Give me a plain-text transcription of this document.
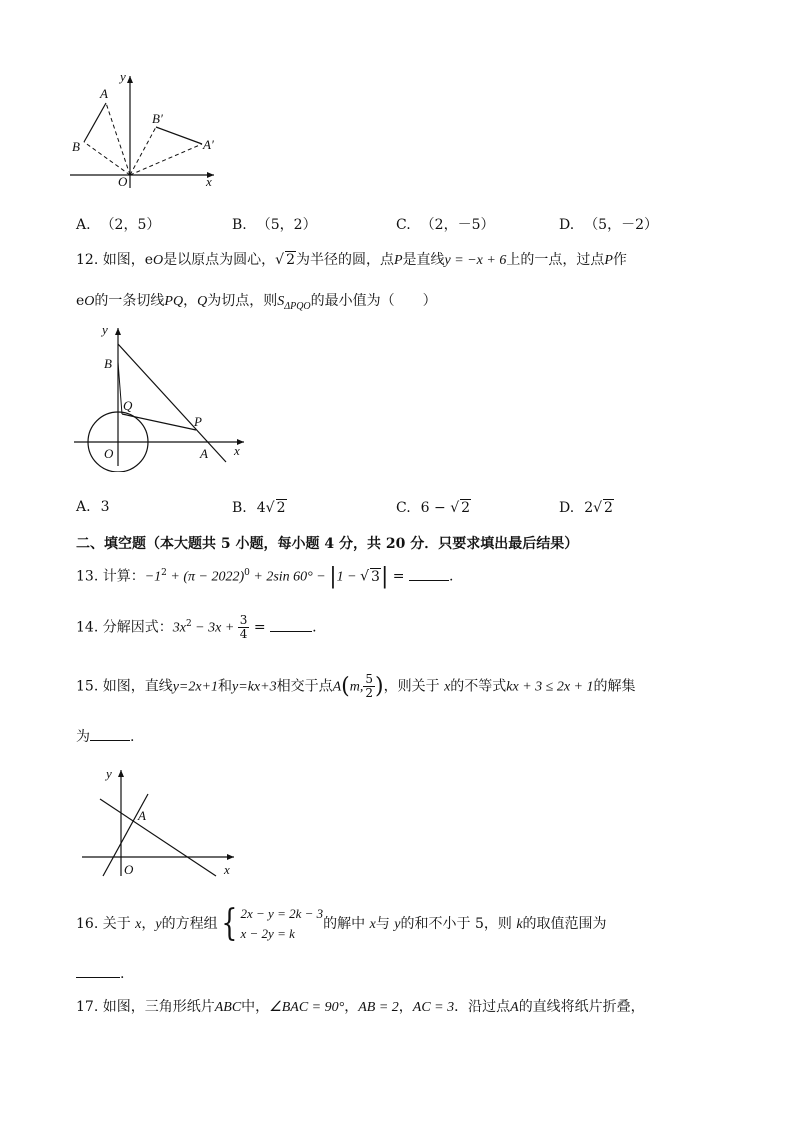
y
A
B
B′
A′
O	x
A. （2，5）	B. （5，2）	C. （2，－5）	D. （5，－2）
12. 如图，eO是以原点为圆心，√ 2为半径的圆，点P是直线y = −x + 6上的一点，过点P作
eO的一条切线PQ，Q为切点，则$S_{\Delta PQO}$的最小值为（　　）
y
B
Q
P
O	A x
A. 3	B. 4√ 2	C. 6 − √ 2	D. 2√ 2
二、填空题（本大题共 5 小题，每小题 4 分，共 20 分．只要求填出最后结果）
13. 计算：$-1^2 + (\pi - 2022)^0 + 2\sin$ 60° − |1 − √ 3| =	.
14. 分解因式：$3x^2 - 3x + \frac{3}{4}$ =	.
15. 如图，直线y=2x+1和y=kx+3相交于点A(m, $\frac{5}{2}$ )，则关于 x的不等式kx + 3 ≤ 2x + 1的解集
为	.
y
A
O	x
16. 关于 x，y的方程组 { 2x − y = 2k − 3
x − 2y = k
的解中 x与 y的和不小于 5，则 k的取值范围为
.
17. 如图，三角形纸片ABC中，∠BAC = 90°，AB = 2，AC = 3．沿过点A的直线将纸片折叠，
